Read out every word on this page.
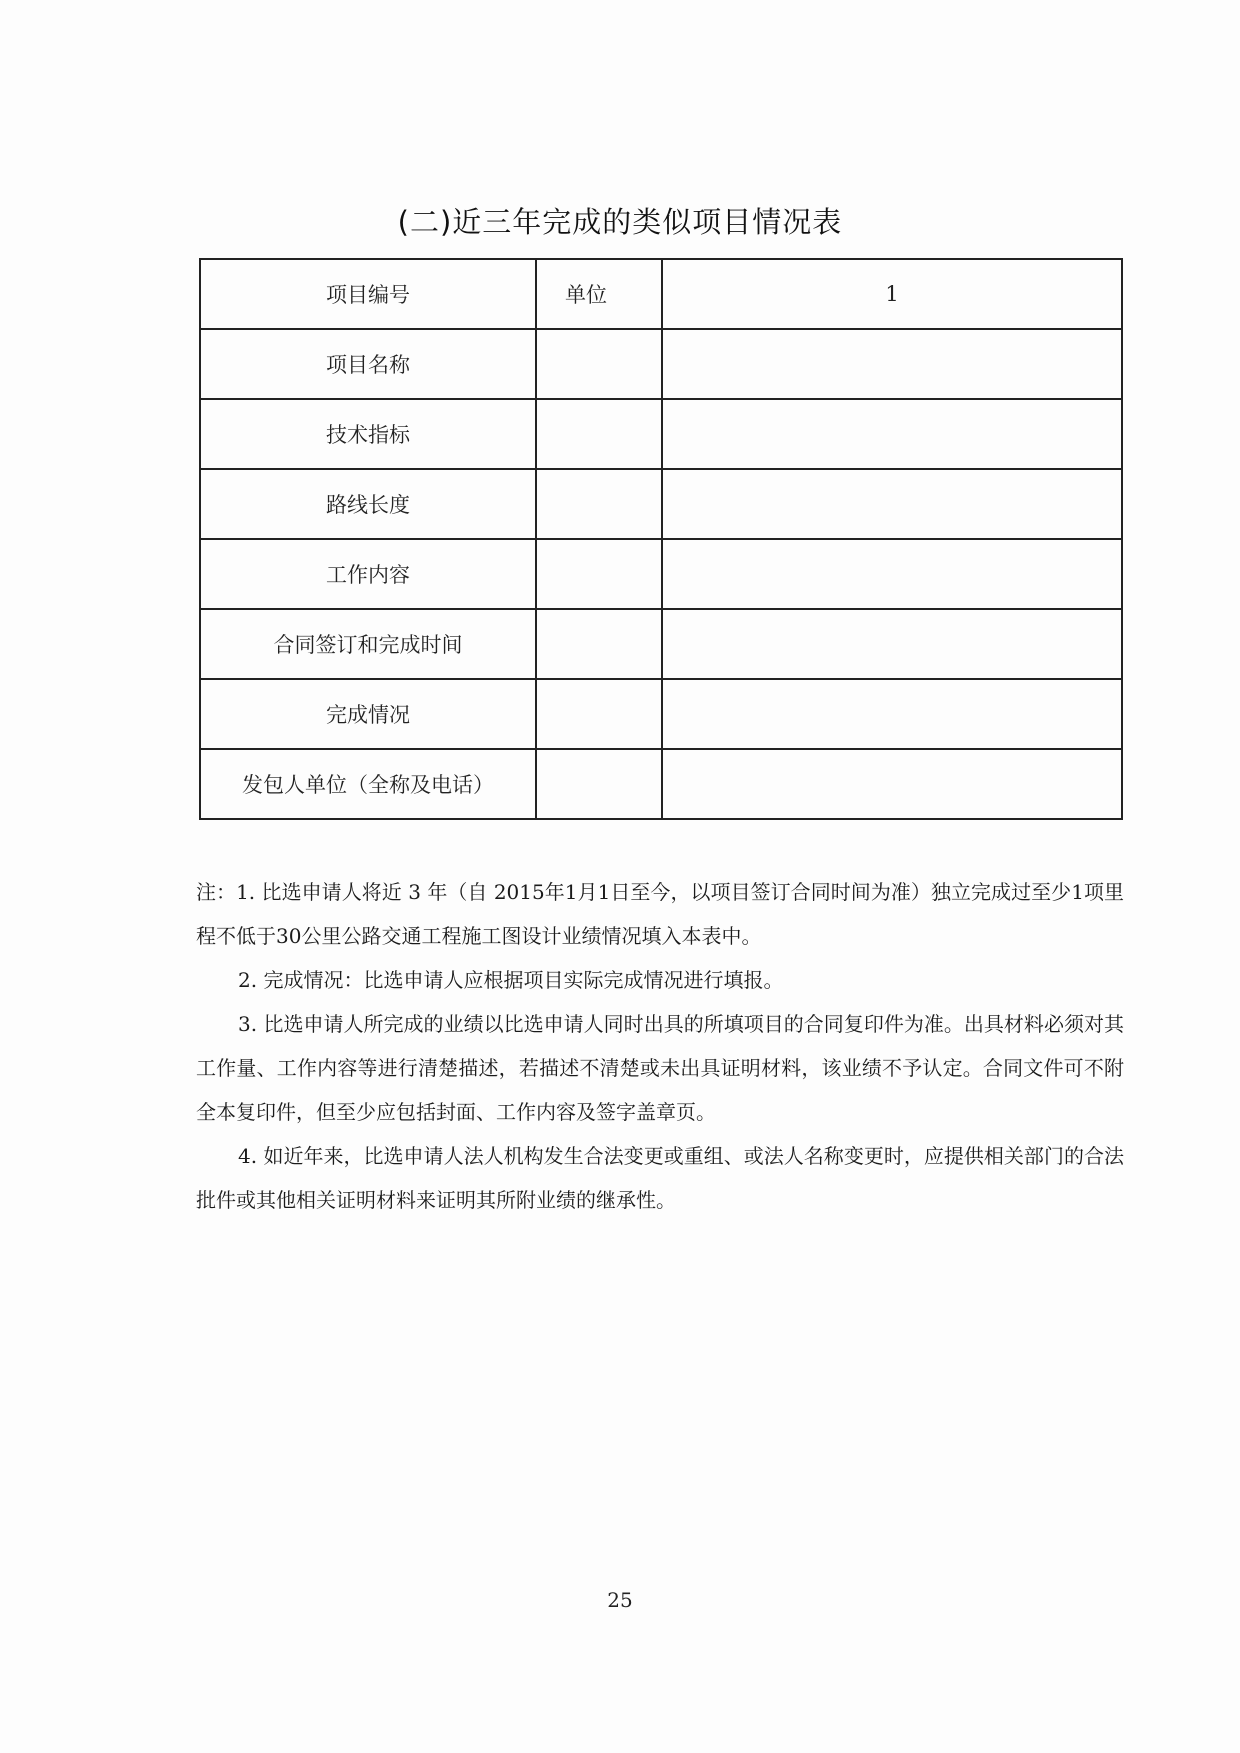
(二)近三年完成的类似项目情况表
项目编号	单位	1
项目名称		
技术指标		
路线长度		
工作内容		
合同签订和完成时间		
完成情况		
发包人单位（全称及电话）		

注：1. 比选申请人将近 3 年（自 2015年1月1日至今，以项目签订合同时间为准）独立完成过至少1项里程不低于30公里公路交通工程施工图设计业绩情况填入本表中。

2. 完成情况：比选申请人应根据项目实际完成情况进行填报。

3. 比选申请人所完成的业绩以比选申请人同时出具的所填项目的合同复印件为准。出具材料必须对其工作量、工作内容等进行清楚描述，若描述不清楚或未出具证明材料，该业绩不予认定。合同文件可不附全本复印件，但至少应包括封面、工作内容及签字盖章页。

4. 如近年来，比选申请人法人机构发生合法变更或重组、或法人名称变更时，应提供相关部门的合法批件或其他相关证明材料来证明其所附业绩的继承性。

25
